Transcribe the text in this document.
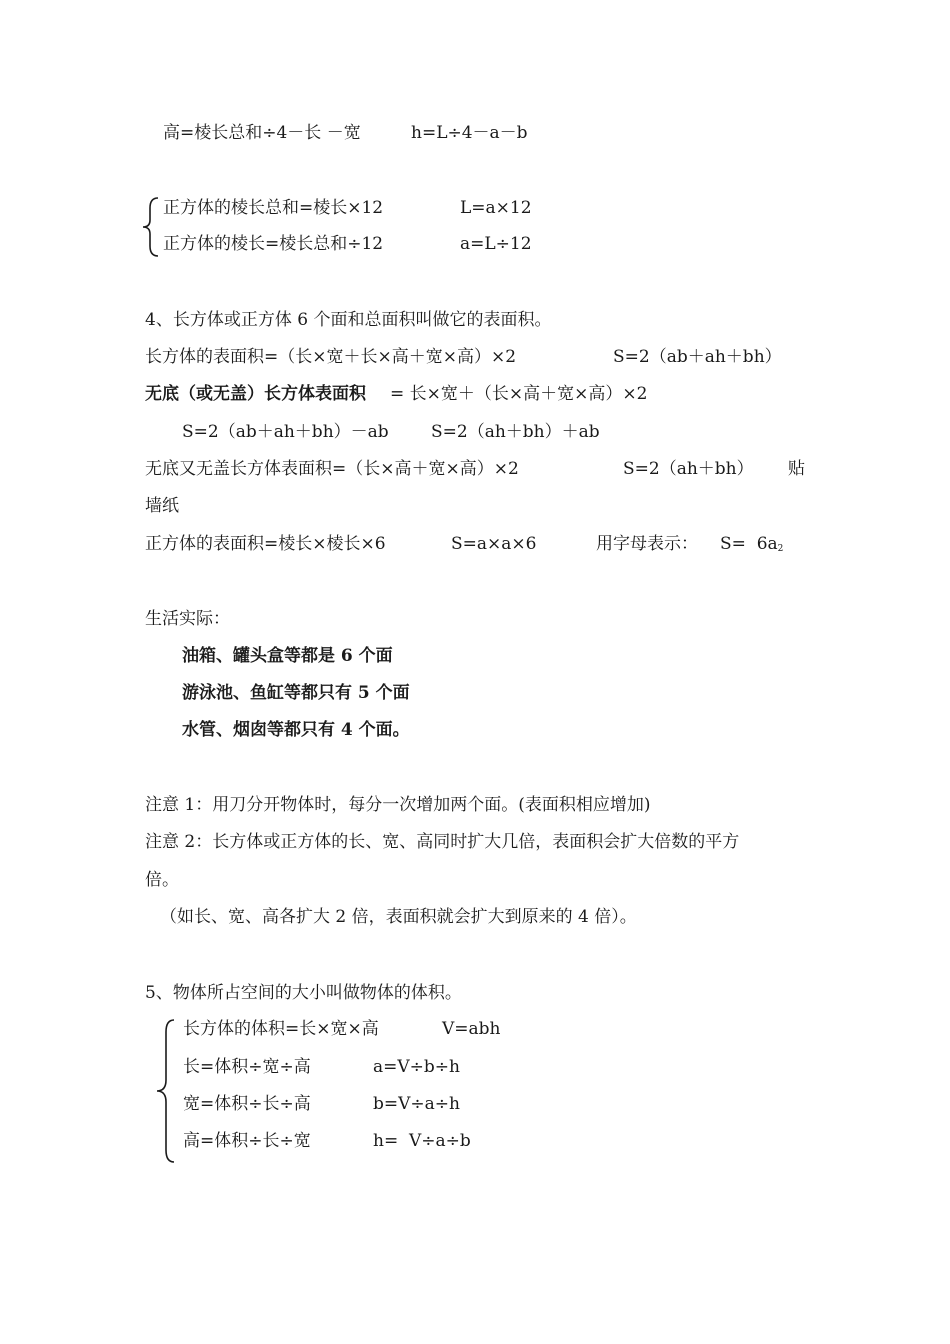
高=棱长总和÷4－长 －宽

	h=L÷4－a－b

正方体的棱长总和=棱长×12

	L=a×12

正方体的棱长=棱长总和÷12

	a=L÷12

4、长方体或正方体 6 个面和总面积叫做它的表面积。

长方体的表面积=（长×宽＋长×高＋宽×高）×2

	S=2（ab＋ah＋bh）

无底（或无盖）长方体表面积

= 长×宽＋（长×高＋宽×高）×2

S=2（ab＋ah＋bh）－ab

S=2（ah＋bh）＋ab

无底又无盖长方体表面积=（长×高＋宽×高）×2

	S=2（ah＋bh）

贴

墙纸

正方体的表面积=棱长×棱长×6

	S=a×a×6

	用字母表示：

$S= 6a^2$

生活实际：
油箱、罐头盒等都是 6 个面
游泳池、鱼缸等都只有 5 个面
水管、烟囱等都只有 4 个面。
注意 1：用刀分开物体时，每分一次增加两个面。(表面积相应增加)
注意 2：长方体或正方体的长、宽、高同时扩大几倍，表面积会扩大倍数的平方
倍。
（如长、宽、高各扩大 2 倍，表面积就会扩大到原来的 4 倍）。
5、物体所占空间的大小叫做物体的体积。

长方体的体积=长×宽×高

	V=abh

长=体积÷宽÷高

	a=V÷b÷h

宽=体积÷长÷高

	b=V÷a÷h

高=体积÷长÷宽

	h=  V÷a÷b
